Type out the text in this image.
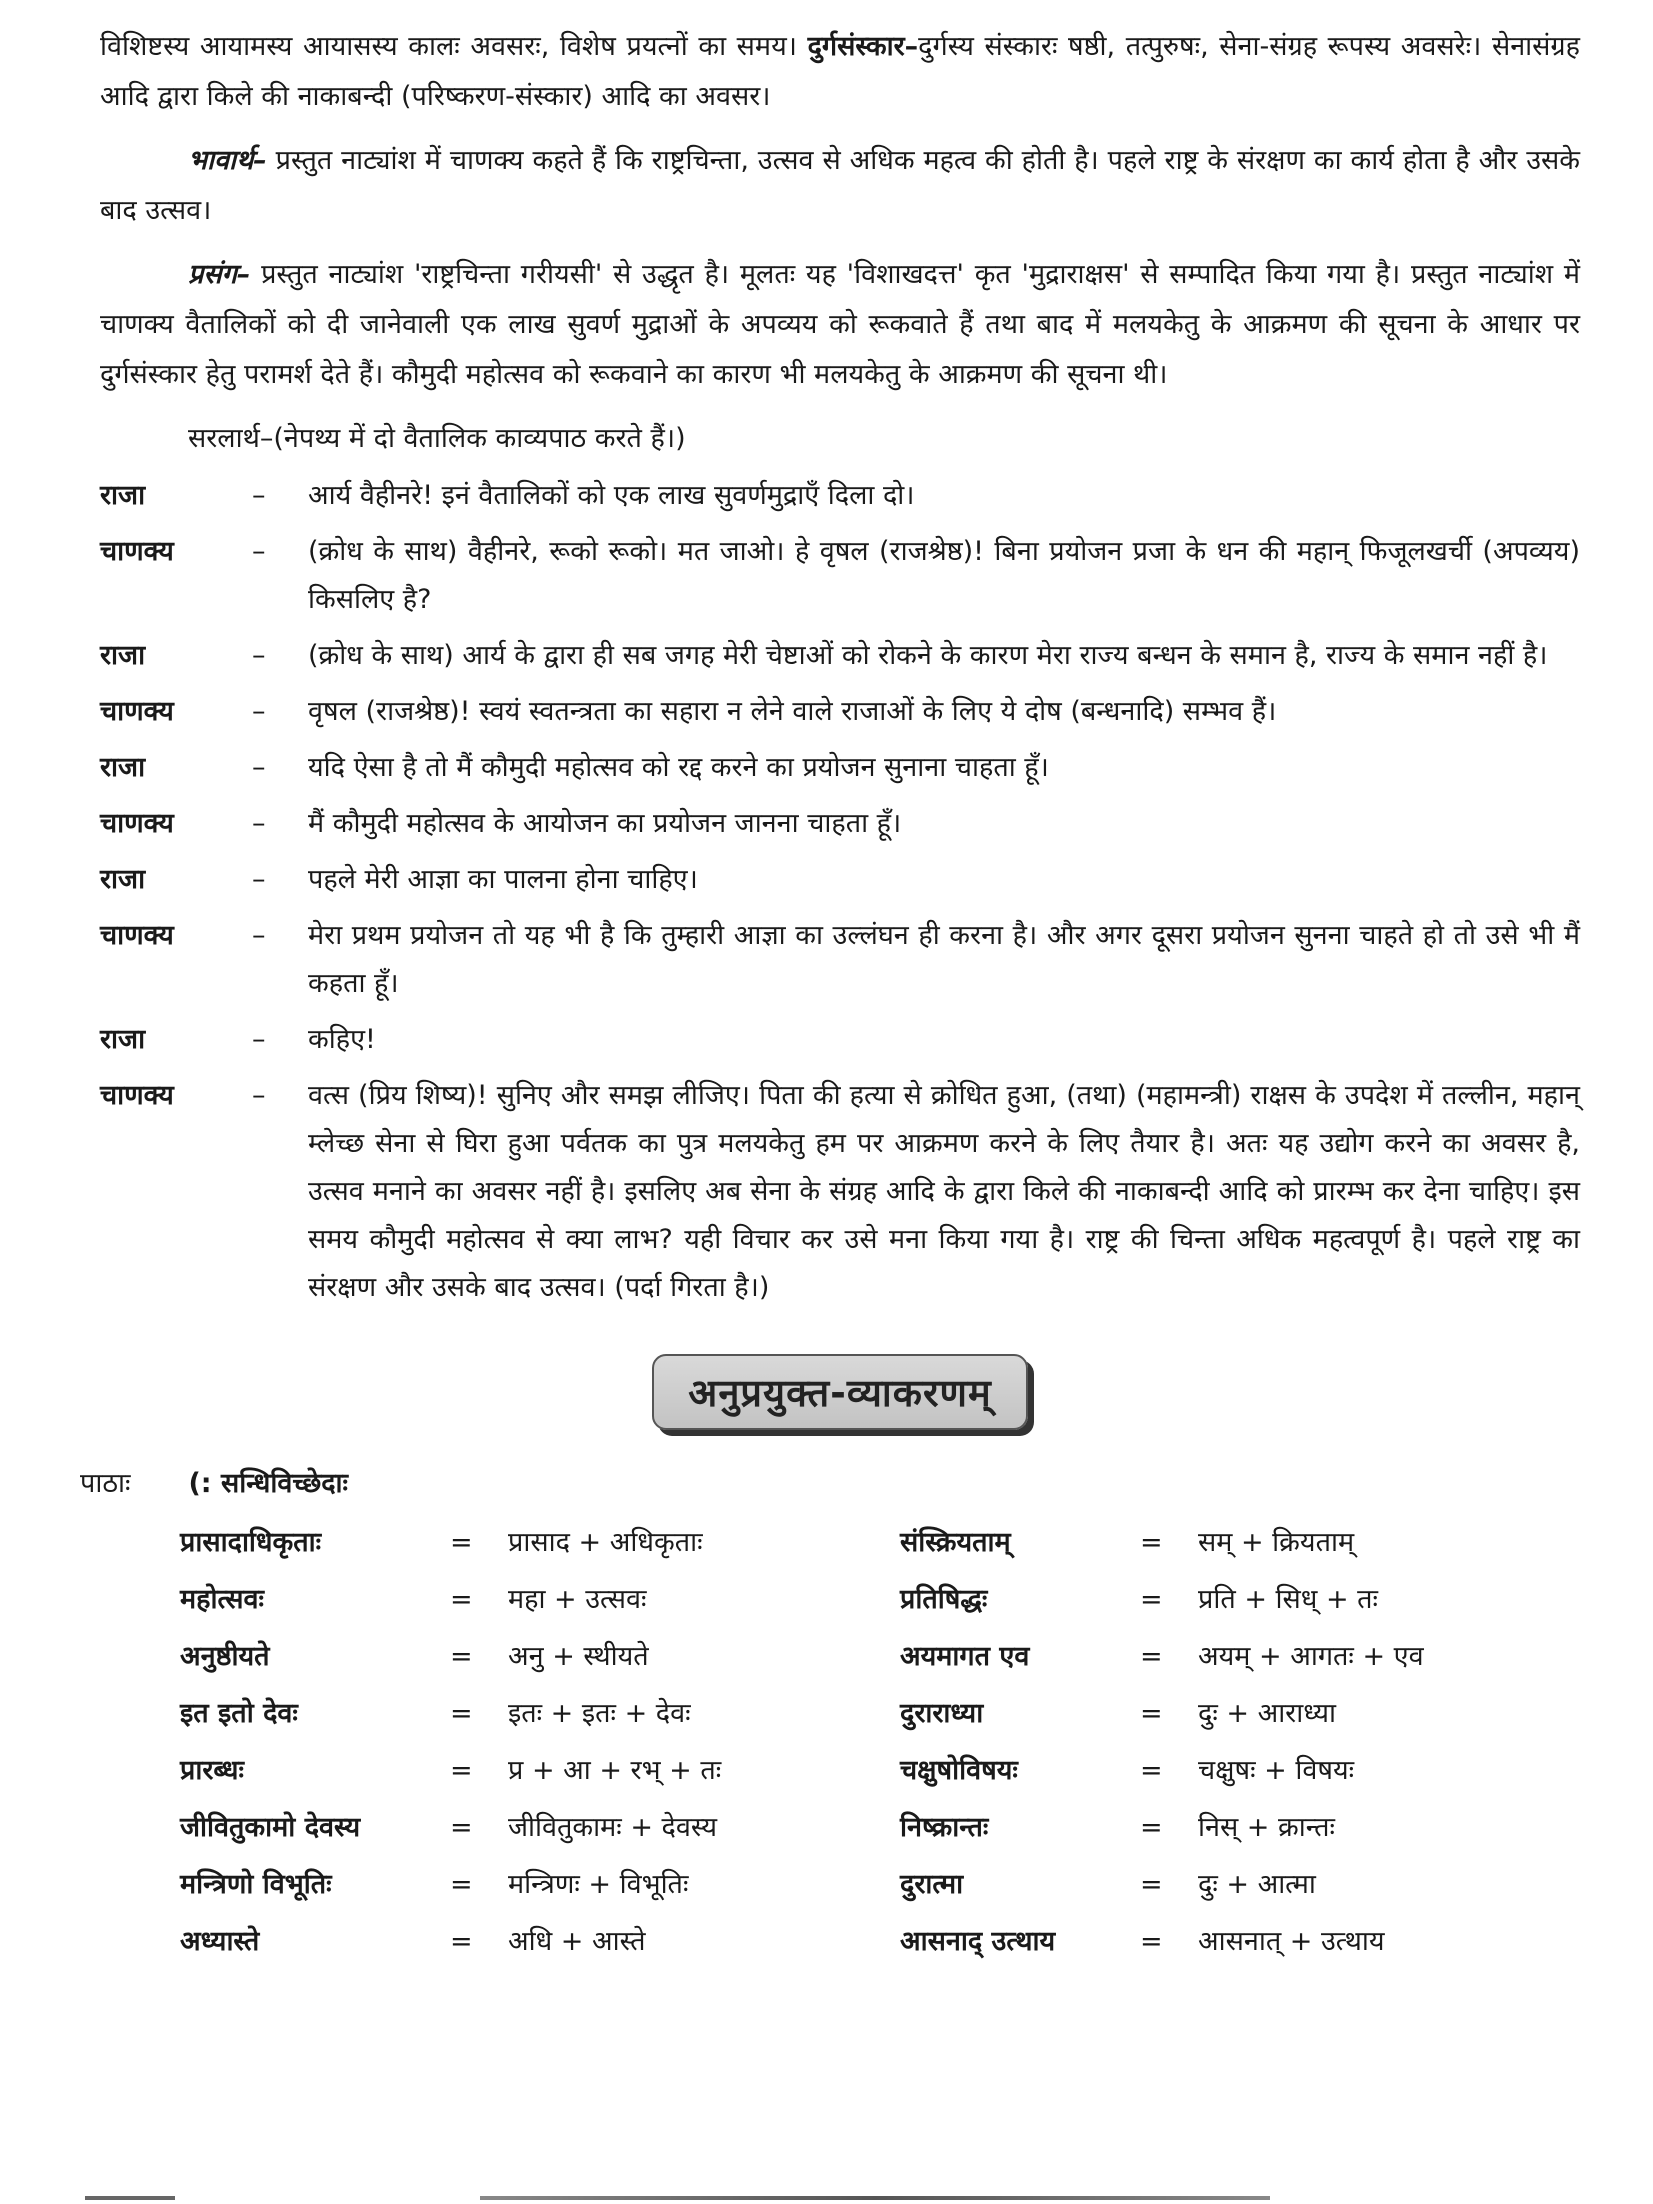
विशिष्टस्य आयामस्य आयासस्य कालः अवसरः, विशेष प्रयत्नों का समय। दुर्गसंस्कार–दुर्गस्य संस्कारः षष्ठी, तत्पुरुषः, सेना-संग्रह रूपस्य अवसरेः। सेनासंग्रह आदि द्वारा किले की नाकाबन्दी (परिष्करण-संस्कार) आदि का अवसर।

भावार्थ– प्रस्तुत नाट्यांश में चाणक्य कहते हैं कि राष्ट्रचिन्ता, उत्सव से अधिक महत्व की होती है। पहले राष्ट्र के संरक्षण का कार्य होता है और उसके बाद उत्सव।

प्रसंग– प्रस्तुत नाट्यांश 'राष्ट्रचिन्ता गरीयसी' से उद्धृत है। मूलतः यह 'विशाखदत्त' कृत 'मुद्राराक्षस' से सम्पादित किया गया है। प्रस्तुत नाट्यांश में चाणक्य वैतालिकों को दी जानेवाली एक लाख सुवर्ण मुद्राओं के अपव्यय को रूकवाते हैं तथा बाद में मलयकेतु के आक्रमण की सूचना के आधार पर दुर्गसंस्कार हेतु परामर्श देते हैं। कौमुदी महोत्सव को रूकवाने का कारण भी मलयकेतु के आक्रमण की सूचना थी।

सरलार्थ–(नेपथ्य में दो वैतालिक काव्यपाठ करते हैं।)

राजा	–	आर्य वैहीनरे! इनं वैतालिकों को एक लाख सुवर्णमुद्राएँ दिला दो।
चाणक्य	–	(क्रोध के साथ) वैहीनरे, रूको रूको। मत जाओ। हे वृषल (राजश्रेष्ठ)! बिना प्रयोजन प्रजा के धन की महान् फिजूलखर्ची (अपव्यय) किसलिए है?
राजा	–	(क्रोध के साथ) आर्य के द्वारा ही सब जगह मेरी चेष्टाओं को रोकने के कारण मेरा राज्य बन्धन के समान है, राज्य के समान नहीं है।
चाणक्य	–	वृषल (राजश्रेष्ठ)! स्वयं स्वतन्त्रता का सहारा न लेने वाले राजाओं के लिए ये दोष (बन्धनादि) सम्भव हैं।
राजा	–	यदि ऐसा है तो मैं कौमुदी महोत्सव को रद्द करने का प्रयोजन सुनाना चाहता हूँ।
चाणक्य	–	मैं कौमुदी महोत्सव के आयोजन का प्रयोजन जानना चाहता हूँ।
राजा	–	पहले मेरी आज्ञा का पालना होना चाहिए।
चाणक्य	–	मेरा प्रथम प्रयोजन तो यह भी है कि तुम्हारी आज्ञा का उल्लंघन ही करना है। और अगर दूसरा प्रयोजन सुनना चाहते हो तो उसे भी मैं कहता हूँ।
राजा	–	कहिए!
चाणक्य	–	वत्स (प्रिय शिष्य)! सुनिए और समझ लीजिए। पिता की हत्या से क्रोधित हुआ, (तथा) (महामन्त्री) राक्षस के उपदेश में तल्लीन, महान् म्लेच्छ सेना से घिरा हुआ पर्वतक का पुत्र मलयकेतु हम पर आक्रमण करने के लिए तैयार है। अतः यह उद्योग करने का अवसर है, उत्सव मनाने का अवसर नहीं है। इसलिए अब सेना के संग्रह आदि के द्वारा किले की नाकाबन्दी आदि को प्रारम्भ कर देना चाहिए। इस समय कौमुदी महोत्सव से क्या लाभ? यही विचार कर उसे मना किया गया है। राष्ट्र की चिन्ता अधिक महत्वपूर्ण है। पहले राष्ट्र का संरक्षण और उसके बाद उत्सव। (पर्दा गिरता है।)
अनुप्रयुक्त-व्याकरणम्
पाठाः (: सन्धिविच्छेदाः
प्रासादाधिकृताः	=	प्रासाद + अधिकृताः
महोत्सवः	=	महा + उत्सवः
अनुष्ठीयते	=	अनु + स्थीयते
इत इतो देवः	=	इतः + इतः + देवः
प्रारब्धः	=	प्र + आ + रभ् + तः
जीवितुकामो देवस्य	=	जीवितुकामः + देवस्य
मन्त्रिणो विभूतिः	=	मन्त्रिणः + विभूतिः
अध्यास्ते	=	अधि + आस्ते
संस्क्रियताम्	=	सम् + क्रियताम्
प्रतिषिद्धः	=	प्रति + सिध् + तः
अयमागत एव	=	अयम् + आगतः + एव
दुराराध्या	=	दुः + आराध्या
चक्षुषोविषयः	=	चक्षुषः + विषयः
निष्क्रान्तः	=	निस् + क्रान्तः
दुरात्मा	=	दुः + आत्मा
आसनाद् उत्थाय	=	आसनात् + उत्थाय
